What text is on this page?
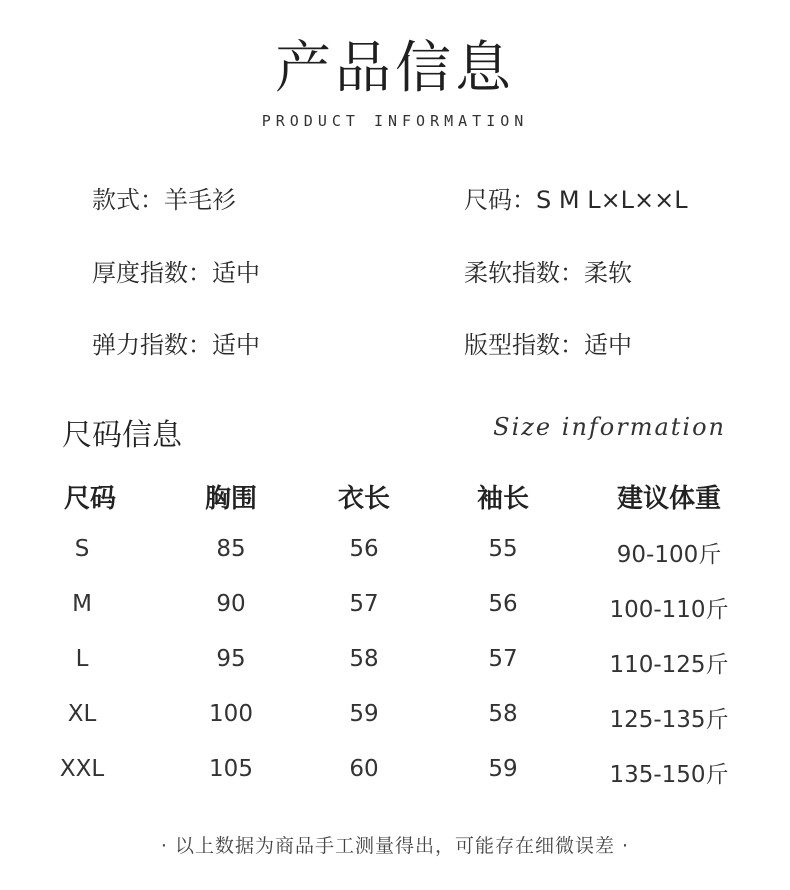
产品信息
PRODUCT INFORMATION
款式：羊毛衫	尺码：S M L×L××L
厚度指数：适中	柔软指数：柔软
弹力指数：适中	版型指数：适中
尺码信息	Size information
尺码	胸围	衣长	袖长	建议体重
S	85	56	55	90-100斤
M	90	57	56	100-110斤
L	95	58	57	110-125斤
XL	100	59	58	125-135斤
XXL	105	60	59	135-150斤
· 以上数据为商品手工测量得出，可能存在细微误差 ·
